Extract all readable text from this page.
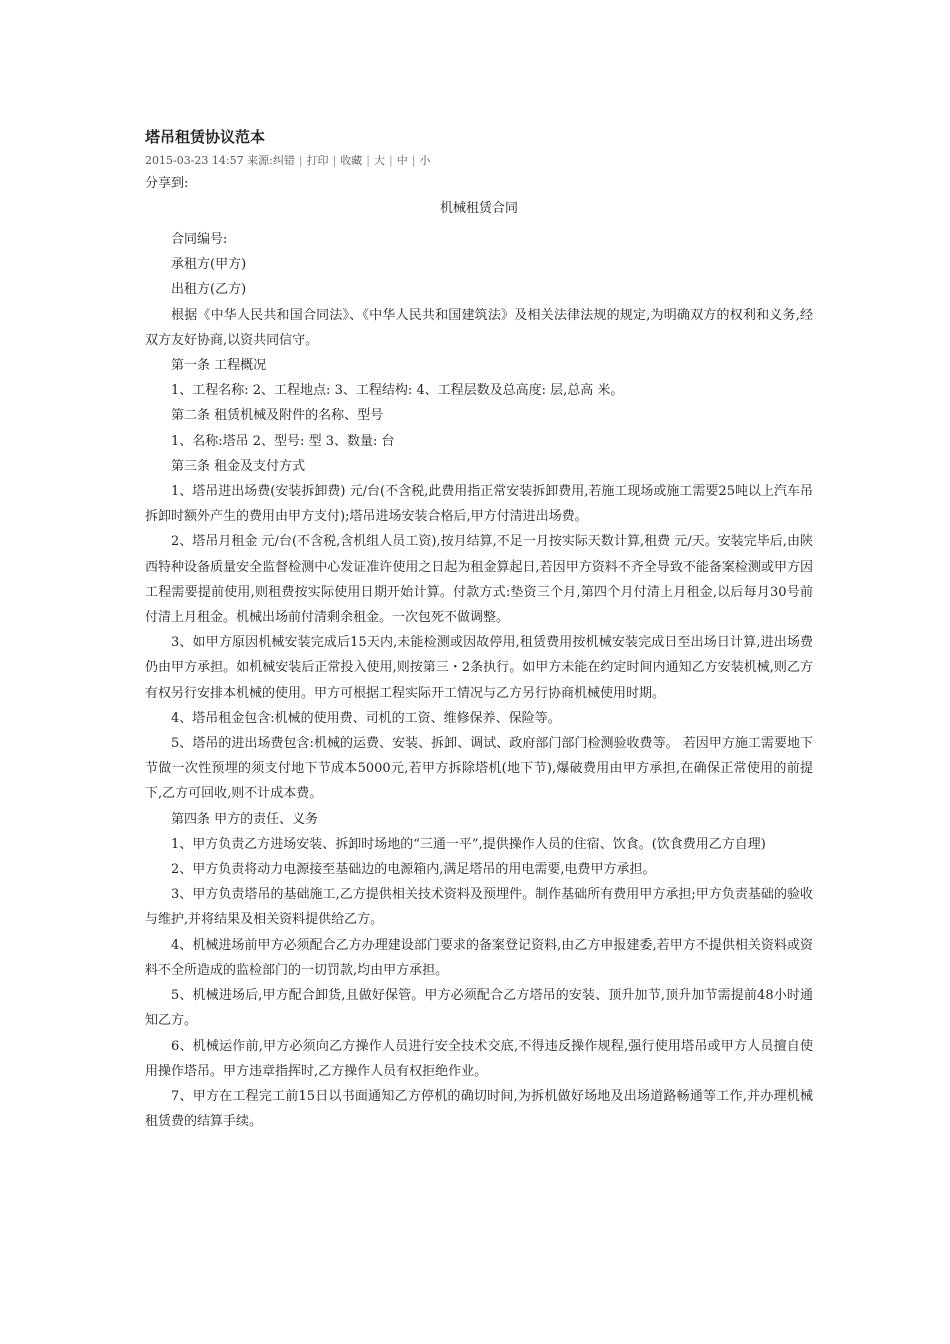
塔吊租赁协议范本
2015-03-23 14:57 来源:纠错 | 打印 | 收藏 | 大 | 中 | 小
分享到:
机械租赁合同

合同编号:

承租方(甲方)

出租方(乙方)

根据《中华人民共和国合同法》、《中华人民共和国建筑法》及相关法律法规的规定,为明确双方的权利和义务,经双方友好协商,以资共同信守。

第一条 工程概况

1、工程名称: 2、工程地点: 3、工程结构: 4、工程层数及总高度: 层,总高 米。

第二条 租赁机械及附件的名称、型号

1、名称:塔吊 2、型号: 型 3、数量: 台

第三条 租金及支付方式

1、塔吊进出场费(安装拆卸费) 元/台(不含税,此费用指正常安装拆卸费用,若施工现场或施工需要25吨以上汽车吊拆卸时额外产生的费用由甲方支付);塔吊进场安装合格后,甲方付清进出场费。

2、塔吊月租金 元/台(不含税,含机组人员工资),按月结算,不足一月按实际天数计算,租费 元/天。安装完毕后,由陕西特种设备质量安全监督检测中心发证准许使用之日起为租金算起日,若因甲方资料不齐全导致不能备案检测或甲方因工程需要提前使用,则租费按实际使用日期开始计算。付款方式:垫资三个月,第四个月付清上月租金,以后每月30号前付清上月租金。机械出场前付清剩余租金。一次包死不做调整。

3、如甲方原因机械安装完成后15天内,未能检测或因故停用,租赁费用按机械安装完成日至出场日计算,进出场费仍由甲方承担。如机械安装后正常投入使用,则按第三・2条执行。如甲方未能在约定时间内通知乙方安装机械,则乙方有权另行安排本机械的使用。甲方可根据工程实际开工情况与乙方另行协商机械使用时期。

4、塔吊租金包含:机械的使用费、司机的工资、维修保养、保险等。

5、塔吊的进出场费包含:机械的运费、安装、拆卸、调试、政府部门部门检测验收费等。 若因甲方施工需要地下节做一次性预埋的须支付地下节成本5000元,若甲方拆除塔机(地下节),爆破费用由甲方承担,在确保正常使用的前提下,乙方可回收,则不计成本费。

第四条 甲方的责任、义务

1、甲方负责乙方进场安装、拆卸时场地的“三通一平”,提供操作人员的住宿、饮食。(饮食费用乙方自理)

2、甲方负责将动力电源接至基础边的电源箱内,满足塔吊的用电需要,电费甲方承担。

3、甲方负责塔吊的基础施工,乙方提供相关技术资料及预埋件。制作基础所有费用甲方承担;甲方负责基础的验收与维护,并将结果及相关资料提供给乙方。

4、机械进场前甲方必须配合乙方办理建设部门要求的备案登记资料,由乙方申报建委,若甲方不提供相关资料或资料不全所造成的监检部门的一切罚款,均由甲方承担。

5、机械进场后,甲方配合卸货,且做好保管。甲方必须配合乙方塔吊的安装、顶升加节,顶升加节需提前48小时通知乙方。

6、机械运作前,甲方必须向乙方操作人员进行安全技术交底,不得违反操作规程,强行使用塔吊或甲方人员擅自使用操作塔吊。甲方违章指挥时,乙方操作人员有权拒绝作业。

7、甲方在工程完工前15日以书面通知乙方停机的确切时间,为拆机做好场地及出场道路畅通等工作,并办理机械租赁费的结算手续。
